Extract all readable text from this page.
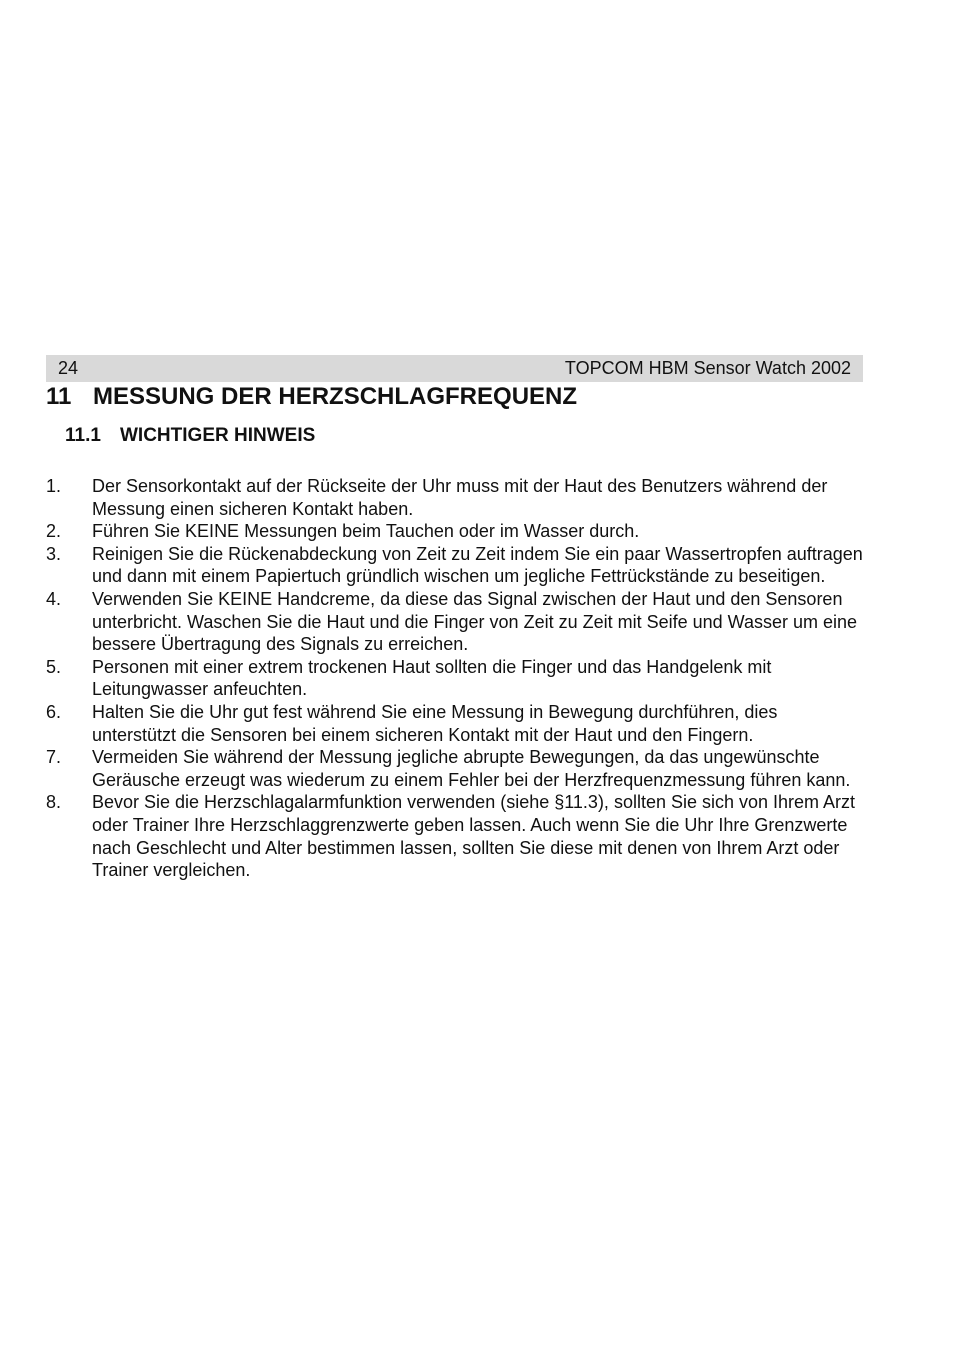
24	TOPCOM HBM Sensor Watch 2002
11 MESSUNG DER HERZSCHLAGFREQUENZ
11.1 WICHTIGER HINWEIS
1. Der Sensorkontakt auf der Rückseite der Uhr muss mit der Haut des Benutzers während der Messung einen sicheren Kontakt haben.
2. Führen Sie KEINE Messungen beim Tauchen oder im Wasser durch.
3. Reinigen Sie die Rückenabdeckung von Zeit zu Zeit indem Sie ein paar Wassertropfen auftragen und dann mit einem Papiertuch gründlich wischen um jegliche Fettrückstände zu beseitigen.
4. Verwenden Sie KEINE Handcreme, da diese das Signal zwischen der Haut und den Sensoren unterbricht. Waschen Sie die Haut und die Finger von Zeit zu Zeit mit Seife und Wasser um eine bessere Übertragung des Signals zu erreichen.
5. Personen mit einer extrem trockenen Haut sollten die Finger und das Handgelenk mit Leitungwasser anfeuchten.
6. Halten Sie die Uhr gut fest während Sie eine Messung in Bewegung durchführen, dies unterstützt die Sensoren bei einem sicheren Kontakt mit der Haut und den Fingern.
7. Vermeiden Sie während der Messung jegliche abrupte Bewegungen, da das ungewünschte Geräusche erzeugt was wiederum zu einem Fehler bei der Herzfrequenzmessung führen kann.
8. Bevor Sie die Herzschlagalarmfunktion verwenden (siehe §11.3), sollten Sie sich von Ihrem Arzt oder Trainer Ihre Herzschlaggrenzwerte geben lassen. Auch wenn Sie die Uhr Ihre Grenzwerte nach Geschlecht und Alter bestimmen lassen, sollten Sie diese mit denen von Ihrem Arzt oder Trainer vergleichen.
